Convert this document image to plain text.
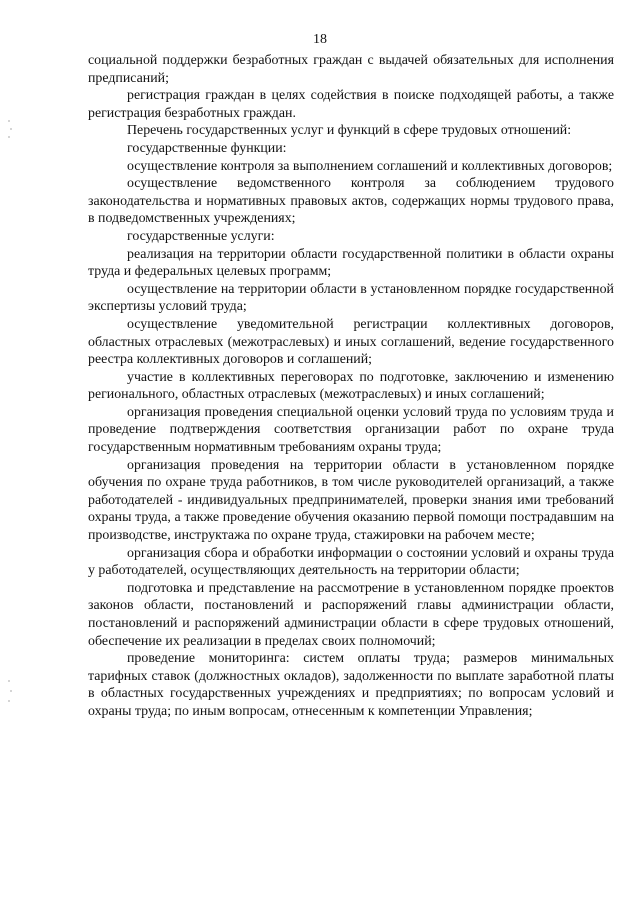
18

социальной поддержки безработных граждан с выдачей обязательных для исполнения предписаний;

регистрация граждан в целях содействия в поиске подходящей работы, а также регистрация безработных граждан.

Перечень государственных услуг и функций в сфере трудовых отношений:

государственные функции:

осуществление контроля за выполнением соглашений и коллективных договоров;

осуществление ведомственного контроля за соблюдением трудового законодательства и нормативных правовых актов, содержащих нормы трудового права, в подведомственных учреждениях;

государственные услуги:

реализация на территории области государственной политики в области охраны труда и федеральных целевых программ;

осуществление на территории области в установленном порядке государственной экспертизы условий труда;

осуществление уведомительной регистрации коллективных договоров, областных отраслевых (межотраслевых) и иных соглашений, ведение государственного реестра коллективных договоров и соглашений;

участие в коллективных переговорах по подготовке, заключению и изменению регионального, областных отраслевых (межотраслевых) и иных соглашений;

организация проведения специальной оценки условий труда по условиям труда и проведение подтверждения соответствия организации работ по охране труда государственным нормативным требованиям охраны труда;

организация проведения на территории области в установленном порядке обучения по охране труда работников, в том числе руководителей организаций, а также работодателей - индивидуальных предпринимателей, проверки знания ими требований охраны труда, а также проведение обучения оказанию первой помощи пострадавшим на производстве, инструктажа по охране труда, стажировки на рабочем месте;

организация сбора и обработки информации о состоянии условий и охраны труда у работодателей, осуществляющих деятельность на территории области;

подготовка и представление на рассмотрение в установленном порядке проектов законов области, постановлений и распоряжений главы администрации области, постановлений и распоряжений администрации области в сфере трудовых отношений, обеспечение их реализации в пределах своих полномочий;

проведение мониторинга: систем оплаты труда; размеров минимальных тарифных ставок (должностных окладов), задолженности по выплате заработной платы в областных государственных учреждениях и предприятиях; по вопросам условий и охраны труда; по иным вопросам, отнесенным к компетенции Управления;
